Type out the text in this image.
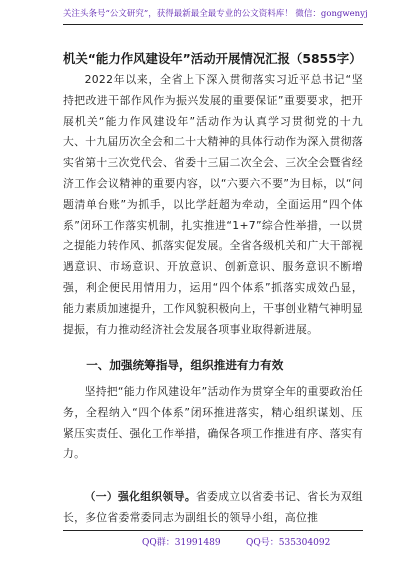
关注头条号“公文研究”，获得最新最全最专业的公文资料库！ 微信：gongwenyj
机关“能力作风建设年”活动开展情况汇报（5855字）
2022年以来，全省上下深入贯彻落实习近平总书记“坚持把改进干部作风作为振兴发展的重要保证”重要要求，把开展机关“能力作风建设年”活动作为认真学习贯彻党的十九大、十九届历次全会和二十大精神的具体行动作为深入贯彻落实省第十三次党代会、省委十三届二次全会、三次全会暨省经济工作会议精神的重要内容，以“六要六不要”为目标，以“问题清单台账”为抓手，以比学赶超为牵动，全面运用“四个体系”闭环工作落实机制，扎实推进“1+7”综合性举措，一以贯之提能力转作风、抓落实促发展。全省各级机关和广大干部视遇意识、市场意识、开放意识、创新意识、服务意识不断增强，利企便民用情用力，运用“四个体系”抓落实成效凸显，能力素质加速提升，工作风貌积极向上，干事创业精气神明显提振，有力推动经济社会发展各项事业取得新进展。
一、加强统筹指导，组织推进有力有效
坚持把“能力作风建设年”活动作为贯穿全年的重要政治任务，全程纳入“四个体系”闭环推进落实，精心组织谋划、压紧压实责任、强化工作举措，确保各项工作推进有序、落实有力。
（一）强化组织领导。省委成立以省委书记、省长为双组长，多位省委常委同志为副组长的领导小组，高位推
QQ群：31991489	QQ号：535304092
